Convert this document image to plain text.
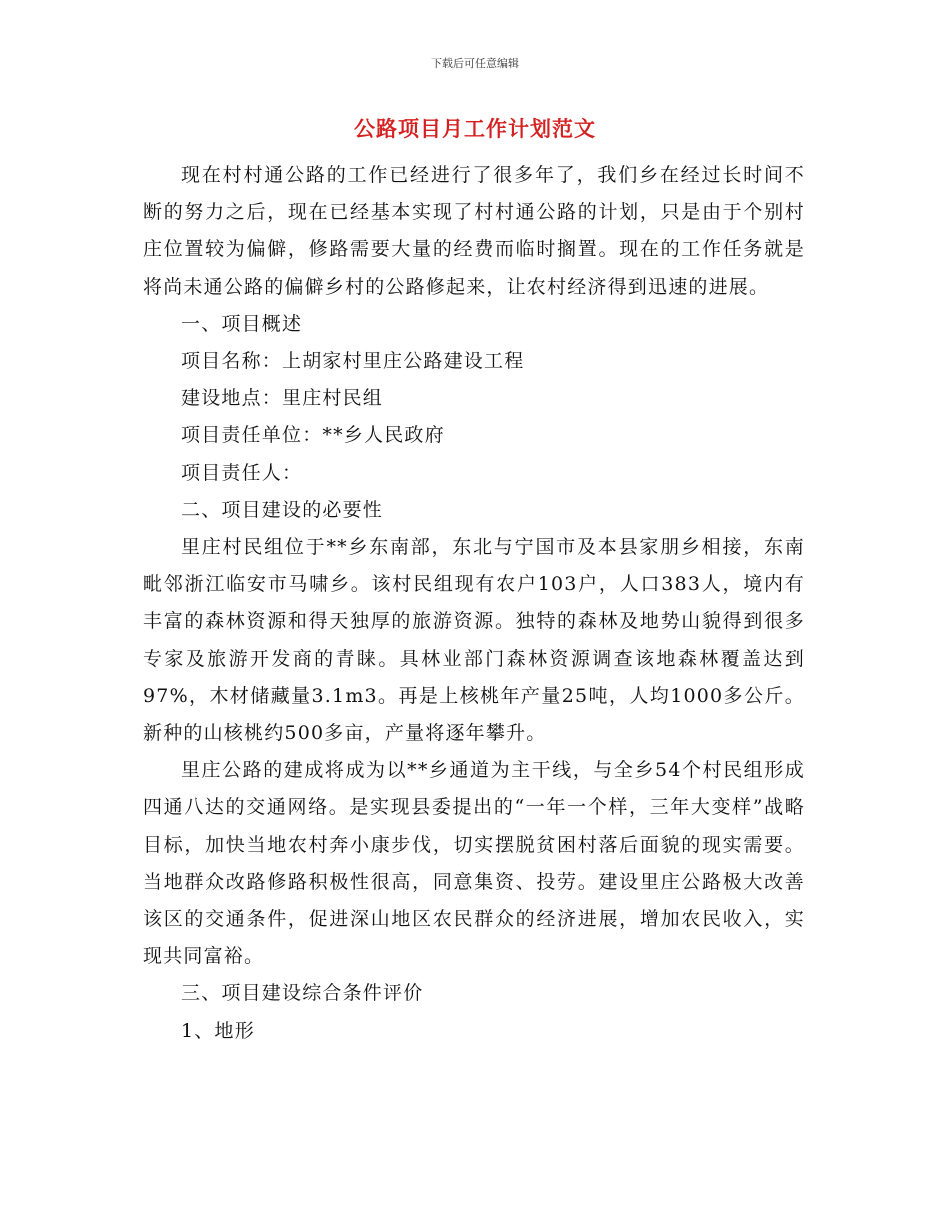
下载后可任意编辑
公路项目月工作计划范文

现在村村通公路的工作已经进行了很多年了，我们乡在经过长时间不断的努力之后，现在已经基本实现了村村通公路的计划，只是由于个别村庄位置较为偏僻，修路需要大量的经费而临时搁置。现在的工作任务就是将尚未通公路的偏僻乡村的公路修起来，让农村经济得到迅速的进展。

一、项目概述

项目名称：上胡家村里庄公路建设工程

建设地点：里庄村民组

项目责任单位：**乡人民政府

项目责任人：

二、项目建设的必要性

里庄村民组位于**乡东南部，东北与宁国市及本县家朋乡相接，东南毗邻浙江临安市马啸乡。该村民组现有农户103户，人口383人，境内有丰富的森林资源和得天独厚的旅游资源。独特的森林及地势山貌得到很多专家及旅游开发商的青睐。具林业部门森林资源调查该地森林覆盖达到97%，木材储藏量3.1m3。再是上核桃年产量25吨，人均1000多公斤。新种的山核桃约500多亩，产量将逐年攀升。

里庄公路的建成将成为以**乡通道为主干线，与全乡54个村民组形成四通八达的交通网络。是实现县委提出的“一年一个样，三年大变样”战略目标，加快当地农村奔小康步伐，切实摆脱贫困村落后面貌的现实需要。当地群众改路修路积极性很高，同意集资、投劳。建设里庄公路极大改善该区的交通条件，促进深山地区农民群众的经济进展，增加农民收入，实现共同富裕。

三、项目建设综合条件评价

1、地形
